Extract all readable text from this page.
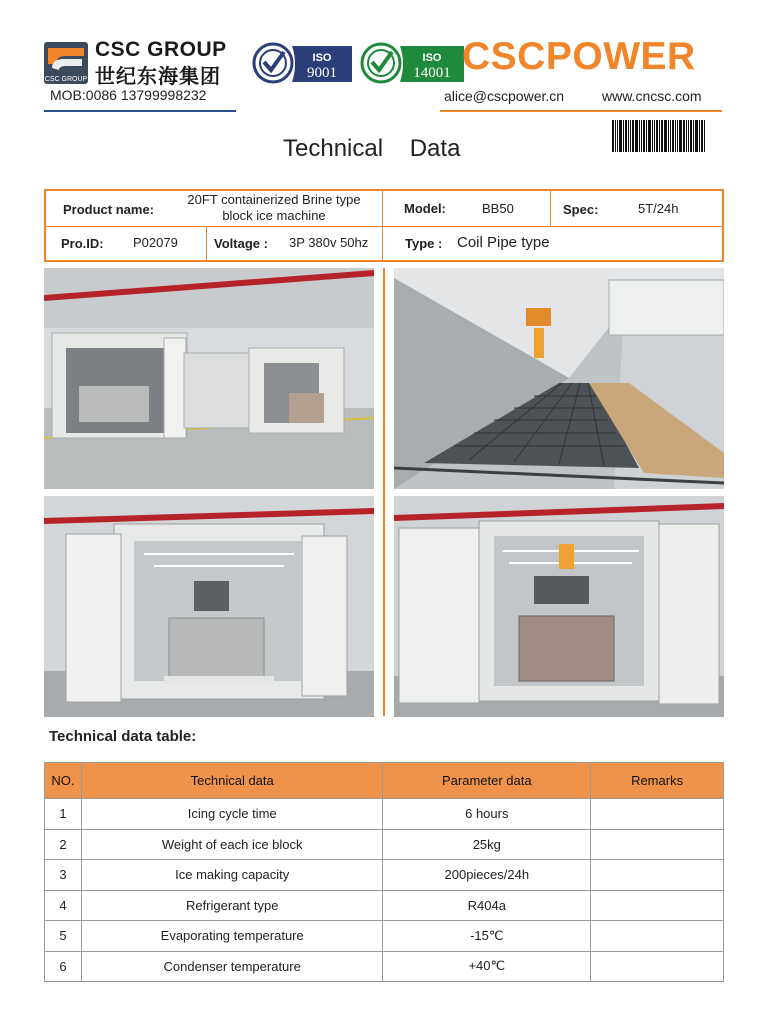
CSC GROUP
CSC GROUP
世纪东海集团
ISO
9001
ISO
14001 CSCPOWER
MOB:0086 13799998232	alice@cscpower.cn	www.cncsc.com
Technical Data
Product name:
20FT containerized Brine type block ice machine	Model:	BB50	Spec:	5T/24h
Pro.ID: P02079	Voltage : 3P 380v 50hz	Type : Coil Pipe type
Technical data table:
NO.	Technical data	Parameter data	Remarks
1	Icing cycle time	6 hours	
2	Weight of each ice block	25kg	
3	Ice making capacity	200pieces/24h	
4	Refrigerant type	R404a	
5	Evaporating temperature	-15℃	
6	Condenser temperature	+40℃	
